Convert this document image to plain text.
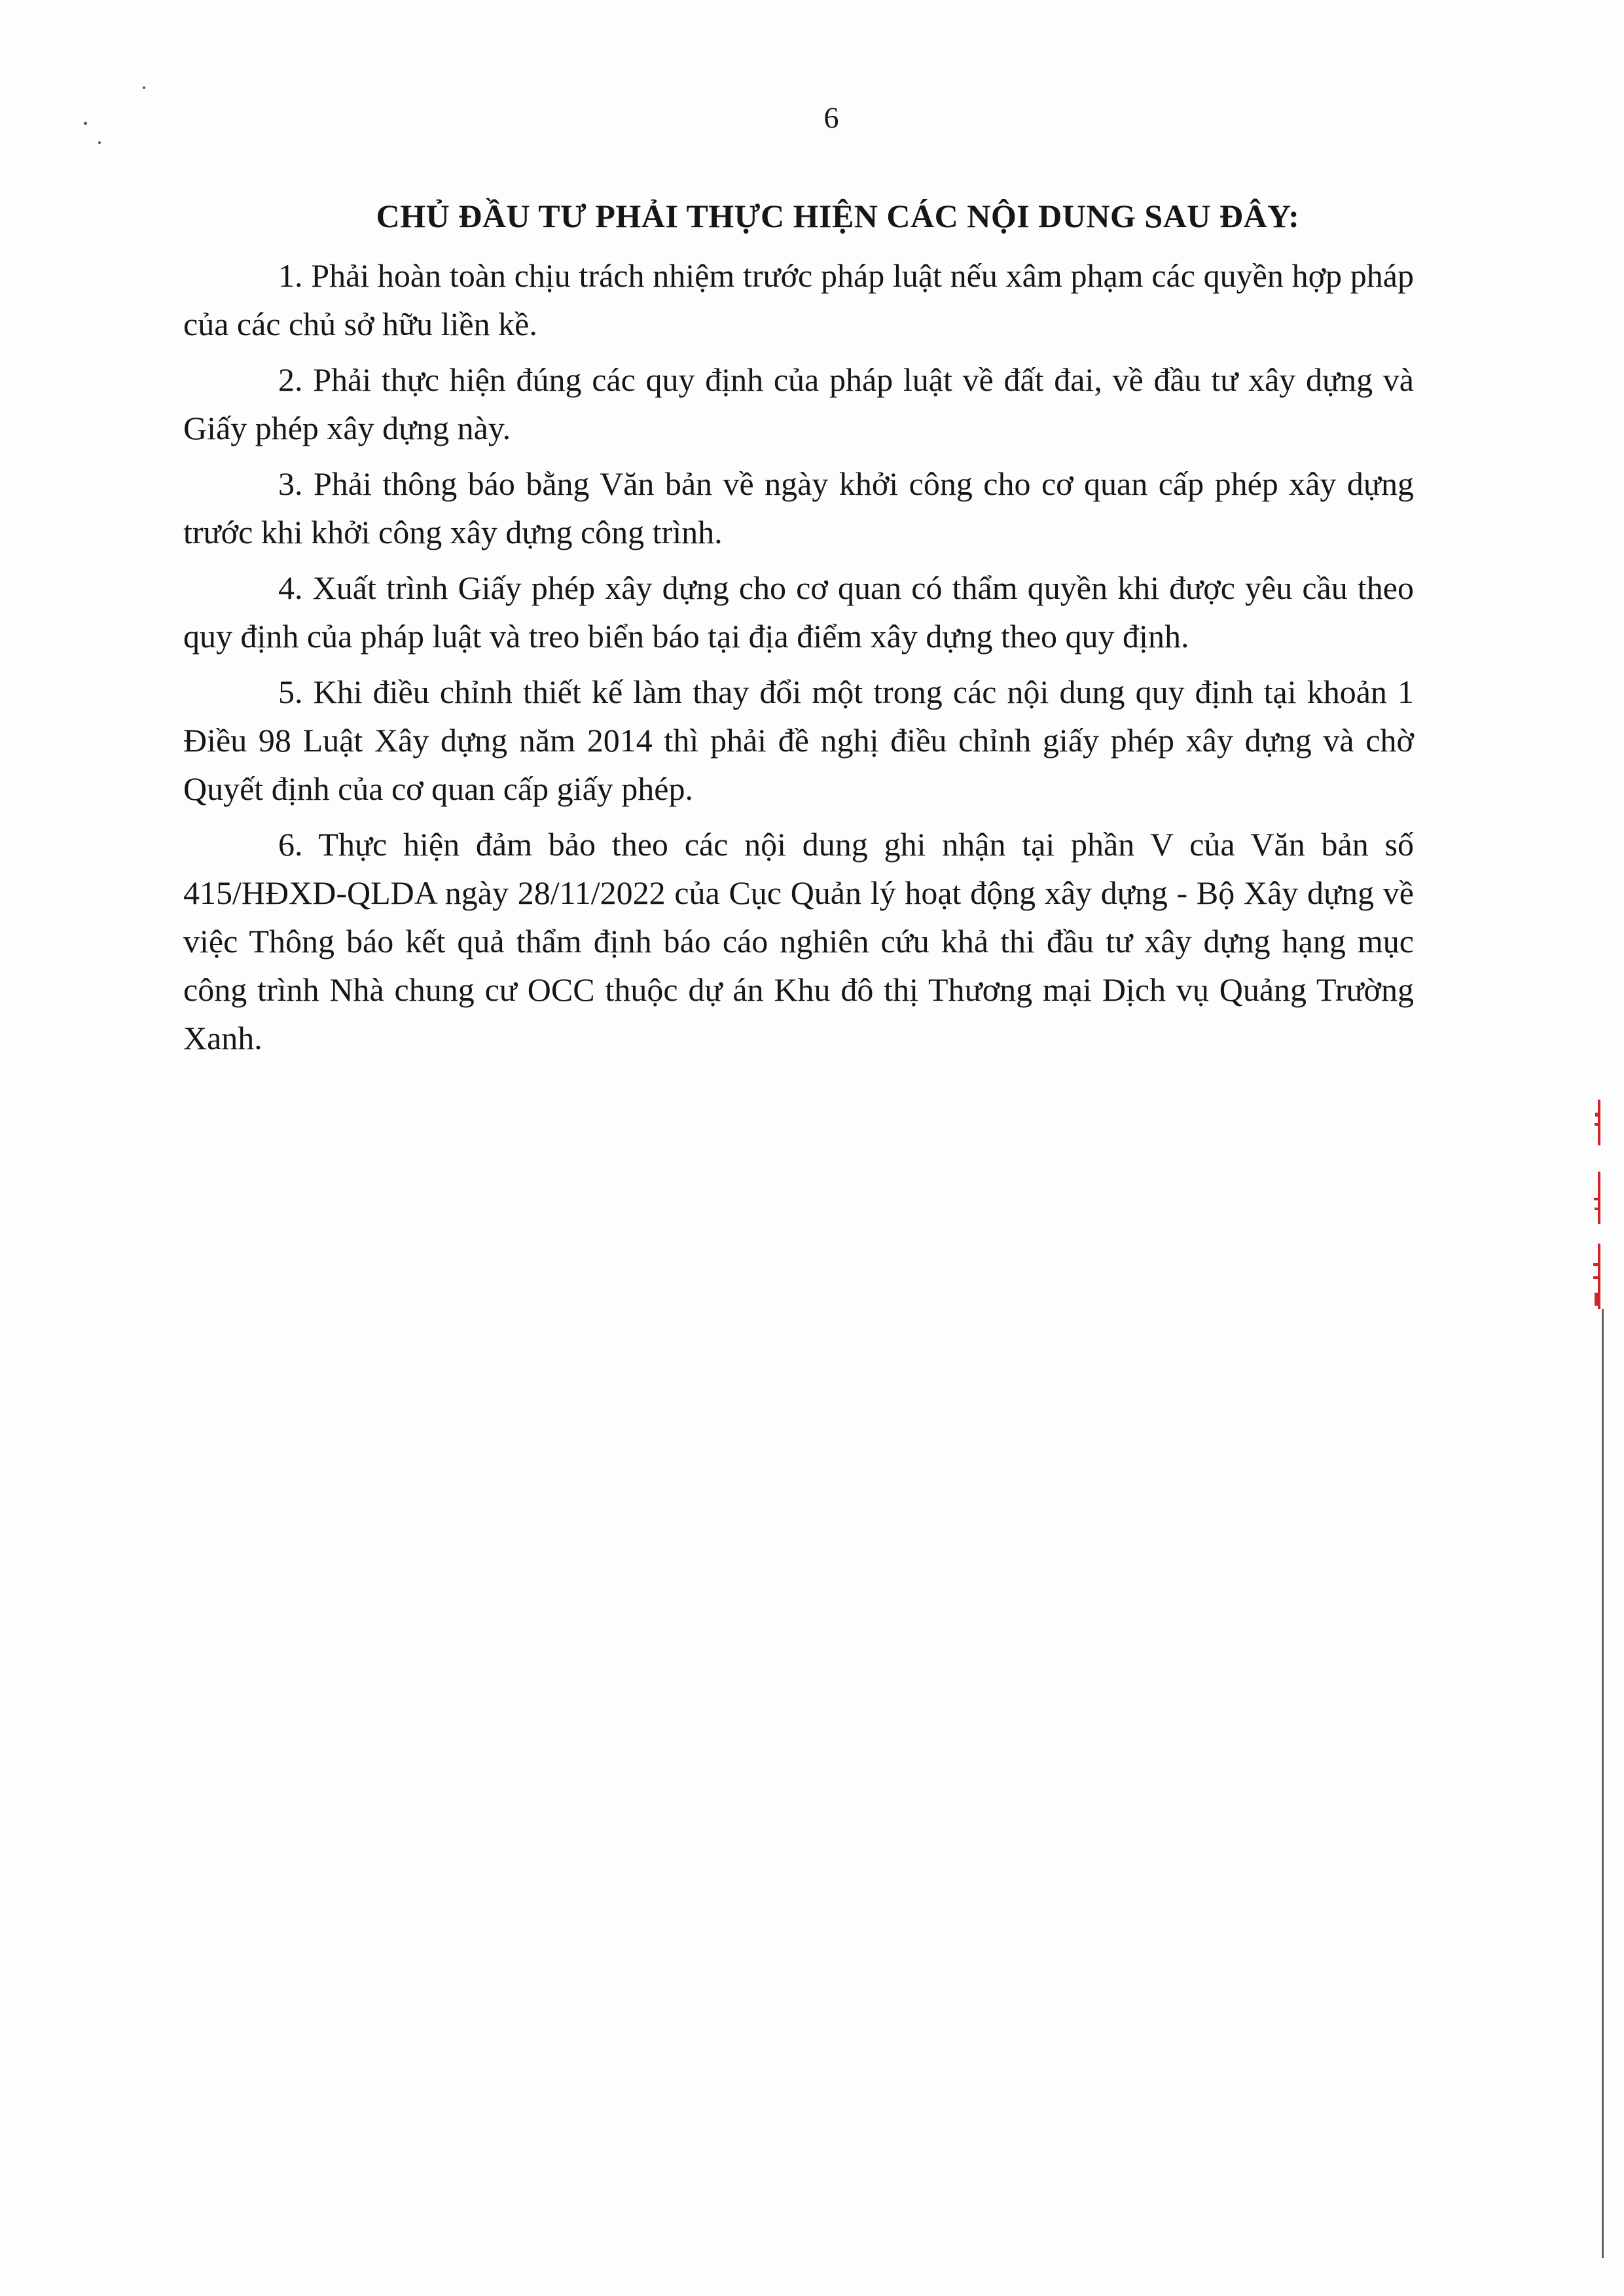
6
CHỦ ĐẦU TƯ PHẢI THỰC HIỆN CÁC NỘI DUNG SAU ĐÂY:

1. Phải hoàn toàn chịu trách nhiệm trước pháp luật nếu xâm phạm các quyền hợp pháp của các chủ sở hữu liền kề.

2. Phải thực hiện đúng các quy định của pháp luật về đất đai, về đầu tư xây dựng và Giấy phép xây dựng này.

3. Phải thông báo bằng Văn bản về ngày khởi công cho cơ quan cấp phép xây dựng trước khi khởi công xây dựng công trình.

4. Xuất trình Giấy phép xây dựng cho cơ quan có thẩm quyền khi được yêu cầu theo quy định của pháp luật và treo biển báo tại địa điểm xây dựng theo quy định.

5. Khi điều chỉnh thiết kế làm thay đổi một trong các nội dung quy định tại khoản 1 Điều 98 Luật Xây dựng năm 2014 thì phải đề nghị điều chỉnh giấy phép xây dựng và chờ Quyết định của cơ quan cấp giấy phép.

6. Thực hiện đảm bảo theo các nội dung ghi nhận tại phần V của Văn bản số 415/HĐXD-QLDA ngày 28/11/2022 của Cục Quản lý hoạt động xây dựng - Bộ Xây dựng về việc Thông báo kết quả thẩm định báo cáo nghiên cứu khả thi đầu tư xây dựng hạng mục công trình Nhà chung cư OCC thuộc dự án Khu đô thị Thương mại Dịch vụ Quảng Trường Xanh.
